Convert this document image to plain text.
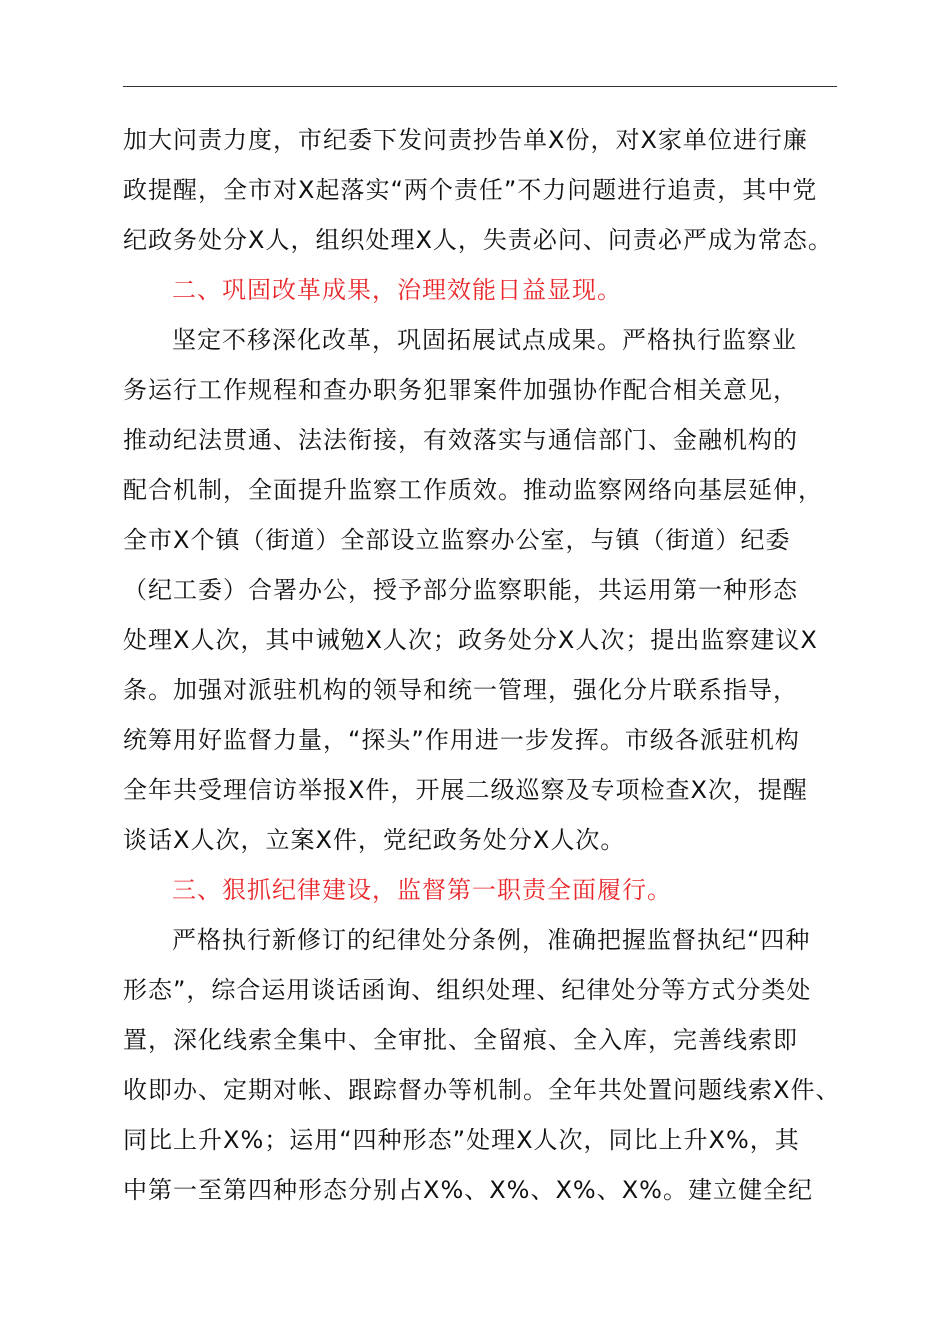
加大问责力度，市纪委下发问责抄告单X份，对X家单位进行廉
政提醒，全市对X起落实“两个责任”不力问题进行追责，其中党
纪政务处分X人，组织处理X人，失责必问、问责必严成为常态。
二、巩固改革成果，治理效能日益显现。
坚定不移深化改革，巩固拓展试点成果。严格执行监察业
务运行工作规程和查办职务犯罪案件加强协作配合相关意见，
推动纪法贯通、法法衔接，有效落实与通信部门、金融机构的
配合机制，全面提升监察工作质效。推动监察网络向基层延伸，
全市X个镇（街道）全部设立监察办公室，与镇（街道）纪委
（纪工委）合署办公，授予部分监察职能，共运用第一种形态
处理X人次，其中诫勉X人次；政务处分X人次；提出监察建议X
条。加强对派驻机构的领导和统一管理，强化分片联系指导，
统筹用好监督力量，“探头”作用进一步发挥。市级各派驻机构
全年共受理信访举报X件，开展二级巡察及专项检查X次，提醒
谈话X人次，立案X件，党纪政务处分X人次。
三、狠抓纪律建设，监督第一职责全面履行。
严格执行新修订的纪律处分条例，准确把握监督执纪“四种
形态”，综合运用谈话函询、组织处理、纪律处分等方式分类处
置，深化线索全集中、全审批、全留痕、全入库，完善线索即
收即办、定期对帐、跟踪督办等机制。全年共处置问题线索X件、
同比上升X%；运用“四种形态”处理X人次，同比上升X%，其
中第一至第四种形态分别占X%、X%、X%、X%。建立健全纪
